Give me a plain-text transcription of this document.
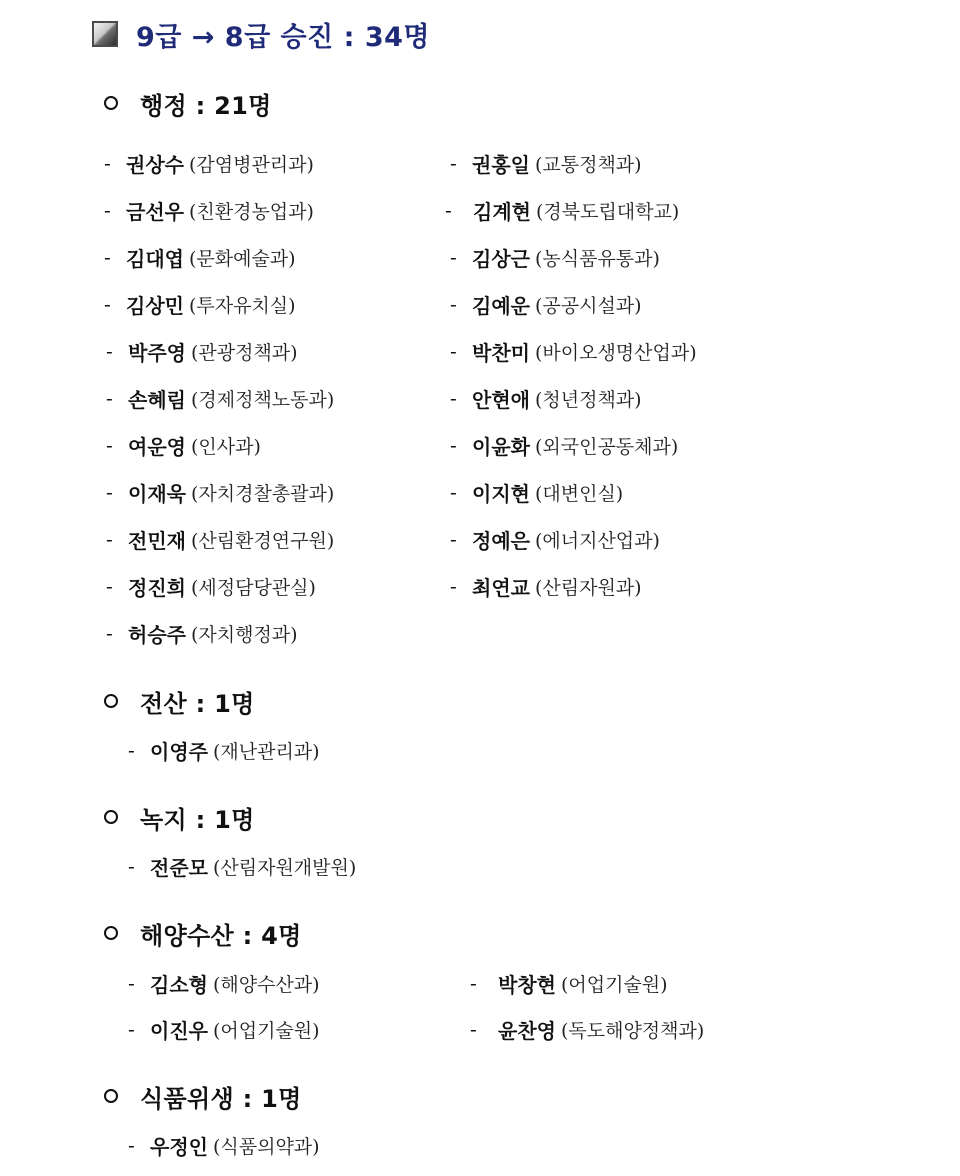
9급 → 8급 승진 : 34명
행정 : 21명
- 권상수 (감염병관리과)	- 권홍일 (교통정책과)
- 금선우 (친환경농업과)	-	김계현 (경북도립대학교)
- 김대엽 (문화예술과)	- 김상근 (농식품유통과)
- 김상민 (투자유치실)	- 김예운 (공공시설과)
- 박주영 (관광정책과)	- 박찬미 (바이오생명산업과)
- 손혜림 (경제정책노동과)	- 안현애 (청년정책과)
- 여운영 (인사과)	- 이윤화 (외국인공동체과)
- 이재욱 (자치경찰총괄과)	- 이지현 (대변인실)
- 전민재 (산림환경연구원)	- 정예은 (에너지산업과)
- 정진희 (세정담당관실)	- 최연교 (산림자원과)
- 허승주 (자치행정과)
전산 : 1명
- 이영주 (재난관리과)
녹지 : 1명
- 전준모 (산림자원개발원)
해양수산 : 4명
- 김소형 (해양수산과)	-	박창현 (어업기술원)
- 이진우 (어업기술원)	-	윤찬영 (독도해양정책과)
식품위생 : 1명
- 우정인 (식품의약과)
